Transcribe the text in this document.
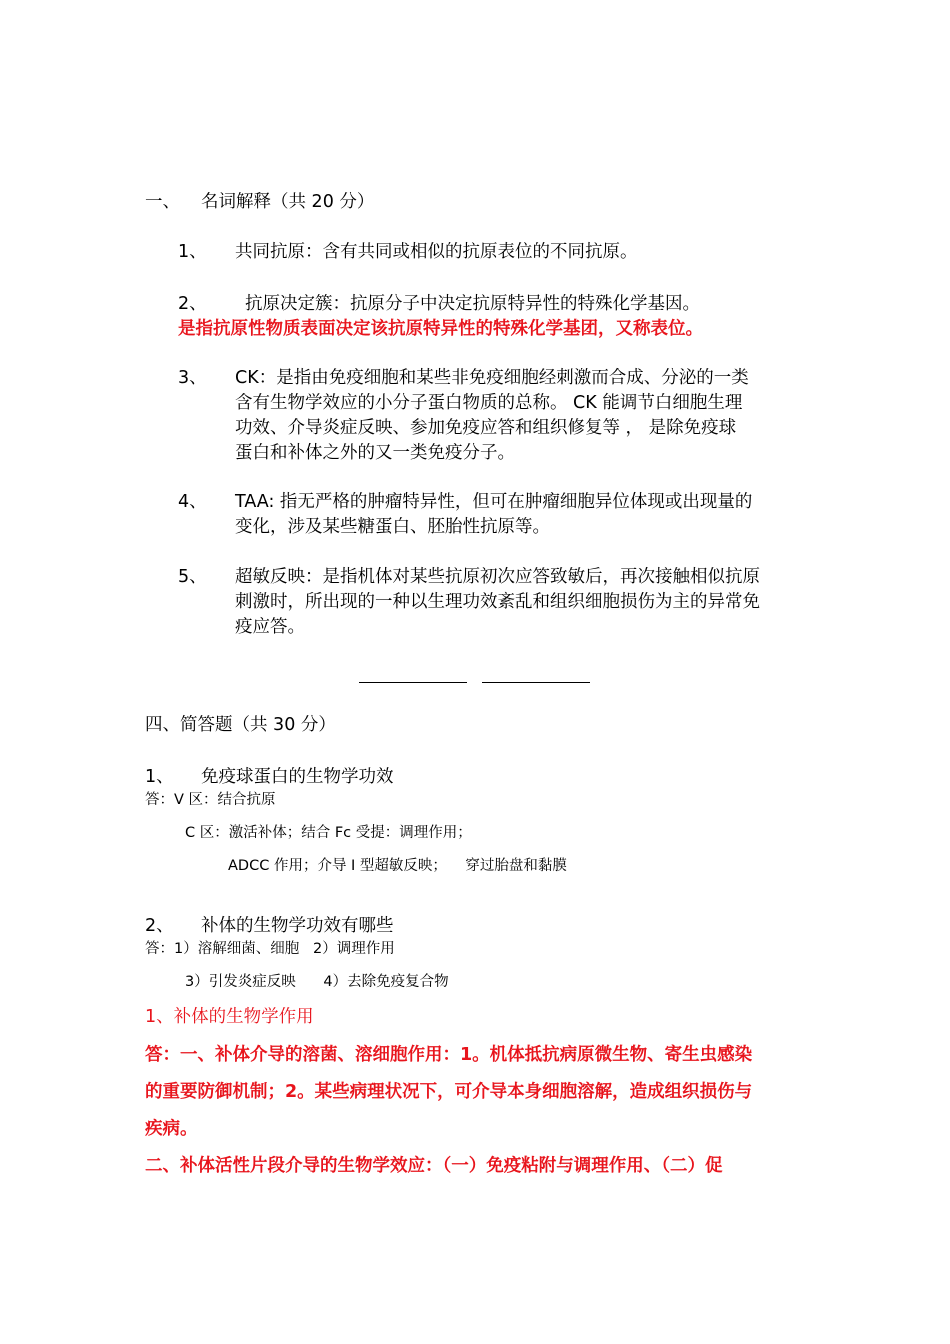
一、 名词解释（共 20 分）
1、 共同抗原：含有共同或相似的抗原表位的不同抗原。
2、 抗原决定簇：抗原分子中决定抗原特异性的特殊化学基因。
是指抗原性物质表面决定该抗原特异性的特殊化学基团，又称表位。
3、 CK：是指由免疫细胞和某些非免疫细胞经刺激而合成、分泌的一类
含有生物学效应的小分子蛋白物质的总称。 CK 能调节白细胞生理
功效、介导炎症反映、参加免疫应答和组织修复等 ， 是除免疫球
蛋白和补体之外的又一类免疫分子。
4、 TAA: 指无严格的肿瘤特异性，但可在肿瘤细胞异位体现或出现量的
变化，涉及某些糖蛋白、胚胎性抗原等。
5、 超敏反映：是指机体对某些抗原初次应答致敏后，再次接触相似抗原
刺激时，所出现的一种以生理功效紊乱和组织细胞损伤为主的异常免
疫应答。
四、简答题（共 30 分）
1、 免疫球蛋白的生物学功效
答：V 区：结合抗原
C 区：激活补体；结合 Fc 受提：调理作用；
ADCC 作用；介导 I 型超敏反映；    穿过胎盘和黏膜
2、 补体的生物学功效有哪些
答：1）溶解细菌、细胞   2）调理作用
3）引发炎症反映      4）去除免疫复合物
1、补体的生物学作用
答：一、补体介导的溶菌、溶细胞作用：1。机体抵抗病原微生物、寄生虫感染
的重要防御机制；2。某些病理状况下，可介导本身细胞溶解，造成组织损伤与
疾病。
二、补体活性片段介导的生物学效应：（一）免疫粘附与调理作用、（二）促
